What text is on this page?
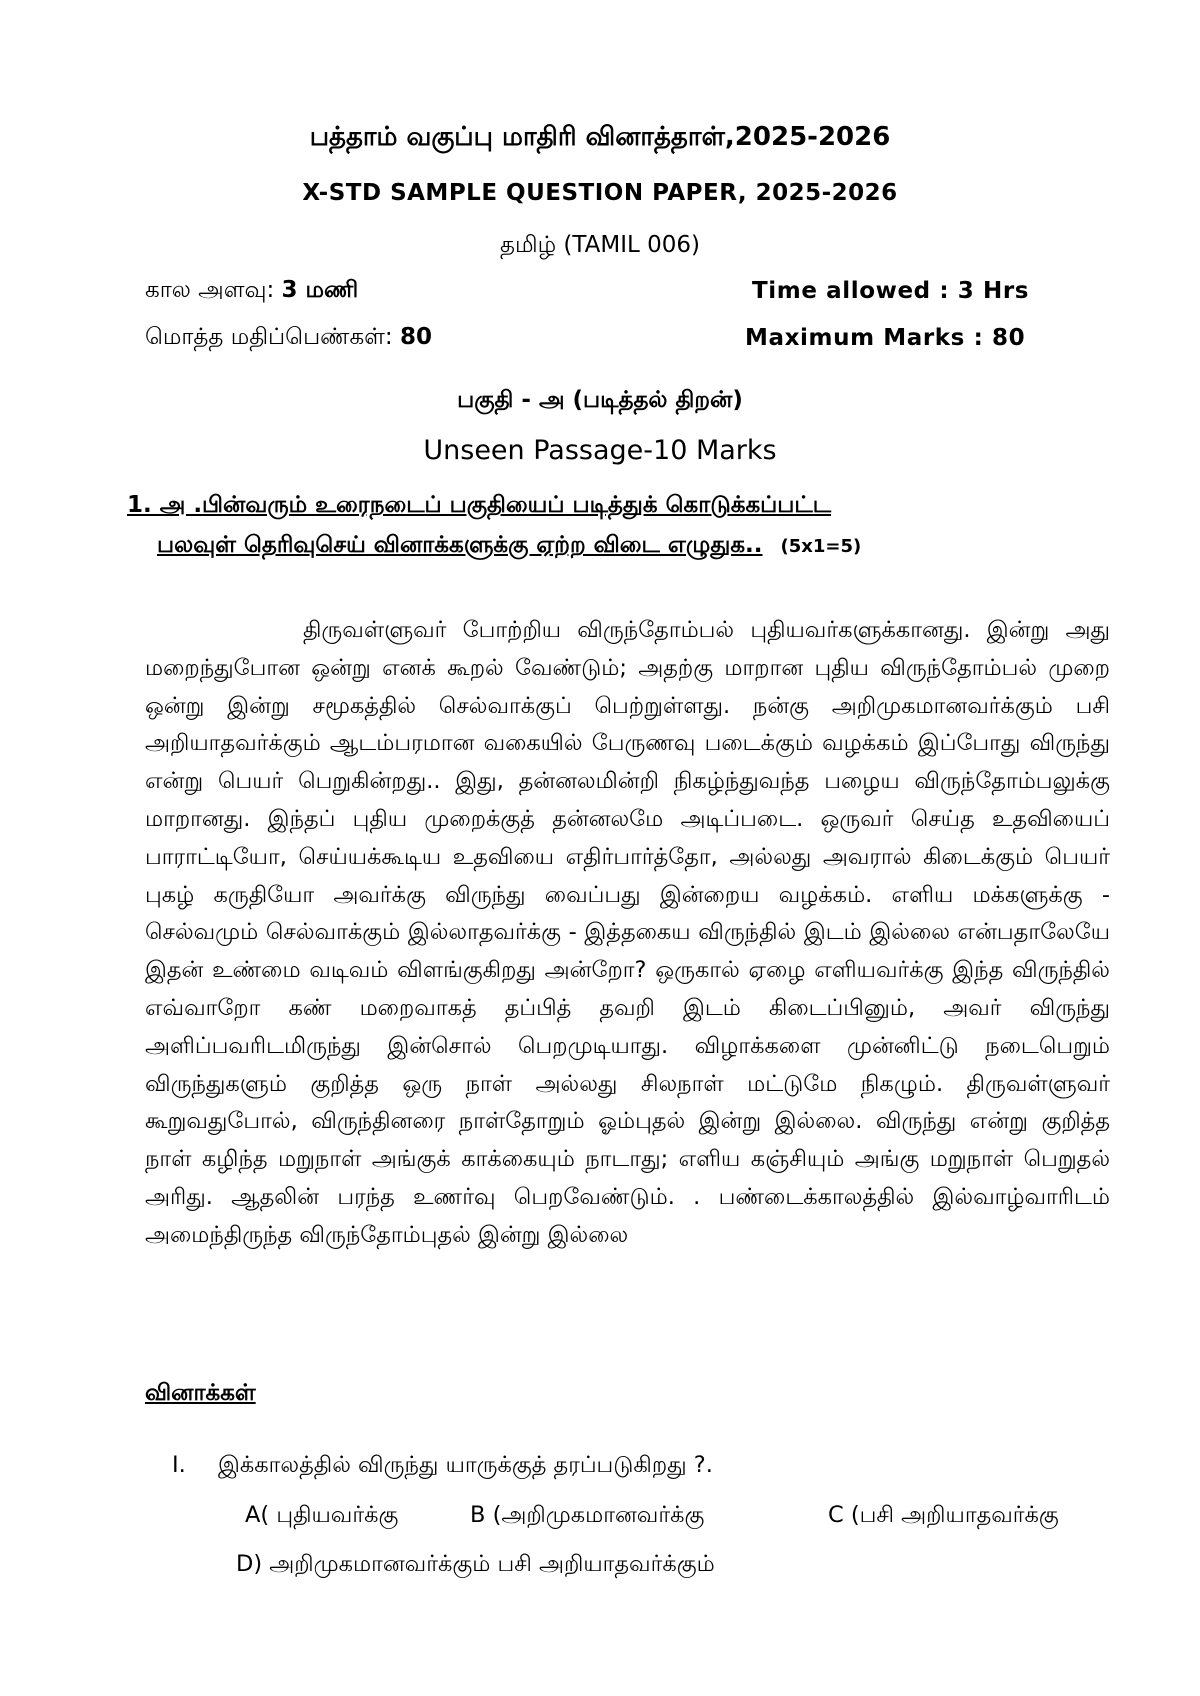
பத்தாம் வகுப்பு மாதிரி வினாத்தாள்,2025-2026
X-STD SAMPLE QUESTION PAPER, 2025-2026
தமிழ் (TAMIL 006)
கால அளவு: 3 மணி	Time allowed : 3 Hrs
மொத்த மதிப்பெண்கள்: 80	Maximum Marks : 80
பகுதி - அ (படித்தல் திறன்)
Unseen Passage-10 Marks
1. அ .பின்வரும் உரைநடைப் பகுதியைப் படித்துக் கொடுக்கப்பட்ட
பலவுள் தெரிவுசெய் வினாக்களுக்கு ஏற்ற விடை எழுதுக.. (5x1=5)

திருவள்ளுவர் போற்றிய விருந்தோம்பல் புதியவர்களுக்கானது. இன்று அது மறைந்துபோன ஒன்று எனக் கூறல் வேண்டும்; அதற்கு மாறான புதிய விருந்தோம்பல் முறை ஒன்று இன்று சமூகத்தில் செல்வாக்குப் பெற்றுள்ளது. நன்கு அறிமுகமானவர்க்கும் பசி அறியாதவர்க்கும் ஆடம்பரமான வகையில் பேருணவு படைக்கும் வழக்கம் இப்போது விருந்து என்று பெயர் பெறுகின்றது.. இது, தன்னலமின்றி நிகழ்ந்துவந்த பழைய விருந்தோம்பலுக்கு மாறானது. இந்தப் புதிய முறைக்குத் தன்னலமே அடிப்படை. ஒருவர் செய்த உதவியைப் பாராட்டியோ, செய்யக்கூடிய உதவியை எதிர்பார்த்தோ, அல்லது அவரால் கிடைக்கும் பெயர் புகழ் கருதியோ அவர்க்கு விருந்து வைப்பது இன்றைய வழக்கம். எளிய மக்களுக்கு - செல்வமும் செல்வாக்கும் இல்லாதவர்க்கு - இத்தகைய விருந்தில் இடம் இல்லை என்பதாலேயே இதன் உண்மை வடிவம் விளங்குகிறது அன்றோ? ஒருகால் ஏழை எளியவர்க்கு இந்த விருந்தில் எவ்வாறோ கண் மறைவாகத் தப்பித் தவறி இடம் கிடைப்பினும், அவர் விருந்து அளிப்பவரிடமிருந்து இன்சொல் பெறமுடியாது. விழாக்களை முன்னிட்டு நடைபெறும் விருந்துகளும் குறித்த ஒரு நாள் அல்லது சிலநாள் மட்டுமே நிகழும். திருவள்ளுவர் கூறுவதுபோல், விருந்தினரை நாள்தோறும் ஓம்புதல் இன்று இல்லை. விருந்து என்று குறித்த நாள் கழிந்த மறுநாள் அங்குக் காக்கையும் நாடாது; எளிய கஞ்சியும் அங்கு மறுநாள் பெறுதல் அரிது. ஆதலின் பரந்த உணர்வு பெறவேண்டும். . பண்டைக்காலத்தில் இல்வாழ்வாரிடம் அமைந்திருந்த விருந்தோம்புதல் இன்று இல்லை

வினாக்கள்
I. இக்காலத்தில் விருந்து யாருக்குத் தரப்படுகிறது ?.
A( புதியவர்க்கு	B (அறிமுகமானவர்க்கு	C (பசி அறியாதவர்க்கு
D) அறிமுகமானவர்க்கும் பசி அறியாதவர்க்கும்
